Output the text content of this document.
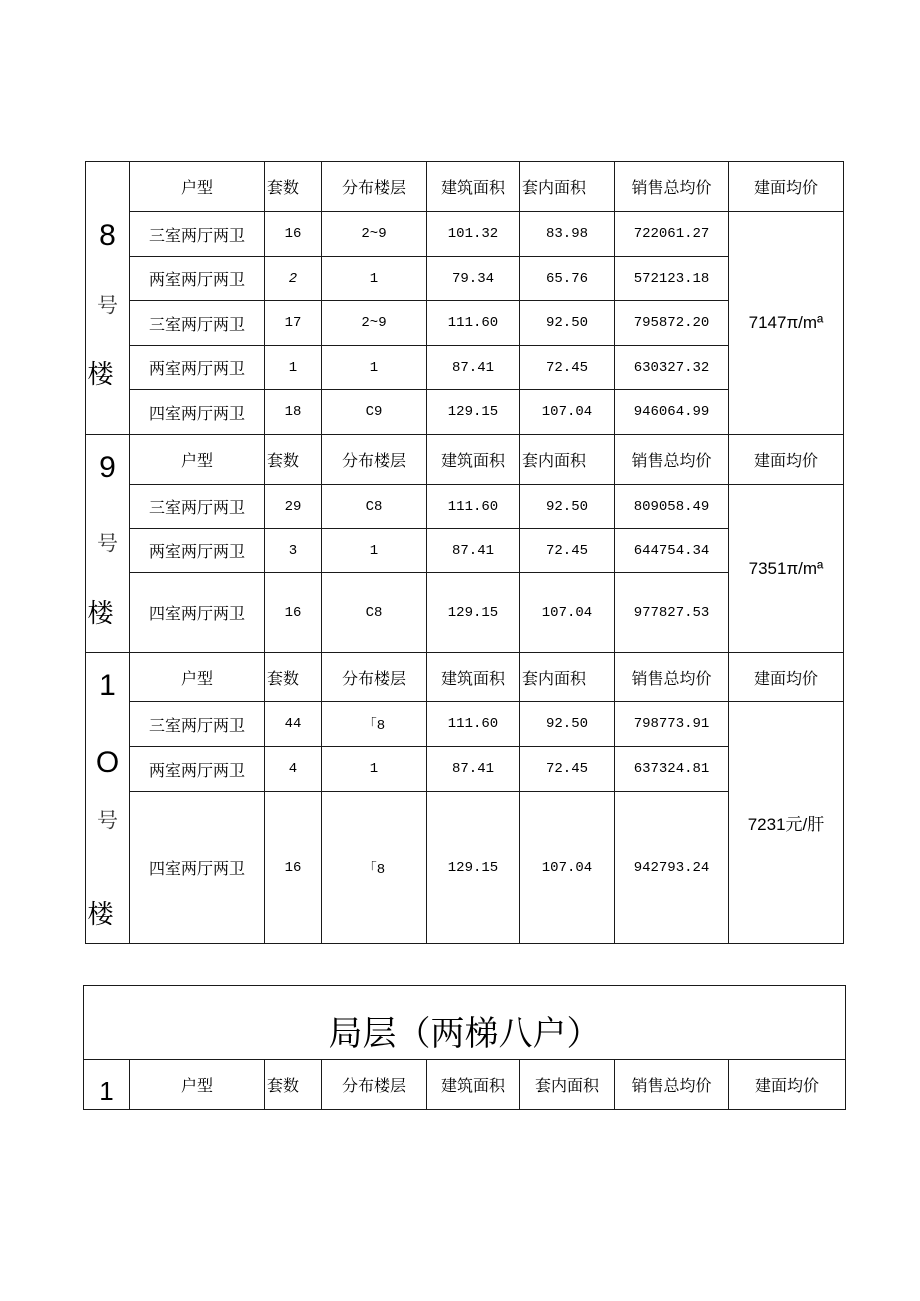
8
号
楼	户型	套数	分布楼层	建筑面积	套内面积	销售总均价	建面均价
	三室两厅两卫	16	2~9	101.32	83.98	722061.27	7147π/mª
	两室两厅两卫	2	1	79.34	65.76	572123.18	
	三室两厅两卫	17	2~9	111.60	92.50	795872.20	
	两室两厅两卫	1	1	87.41	72.45	630327.32	
	四室两厅两卫	18	C9	129.15	107.04	946064.99	

9
号
楼	户型	套数	分布楼层	建筑面积	套内面积	销售总均价	建面均价
	三室两厅两卫	29	C8	111.60	92.50	809058.49	7351π/mª
	两室两厅两卫	3	1	87.41	72.45	644754.34	
	四室两厅两卫	16	C8	129.15	107.04	977827.53	

1
O
号
楼	户型	套数	分布楼层	建筑面积	套内面积	销售总均价	建面均价
	三室两厅两卫	44	「8	111.60	92.50	798773.91	7231元/肝
	两室两厅两卫	4	1	87.41	72.45	637324.81	
	四室两厅两卫	16	「8	129.15	107.04	942793.24	
局层（两梯八户）
1	户型	套数	分布楼层	建筑面积	套内面积	销售总均价	建面均价
